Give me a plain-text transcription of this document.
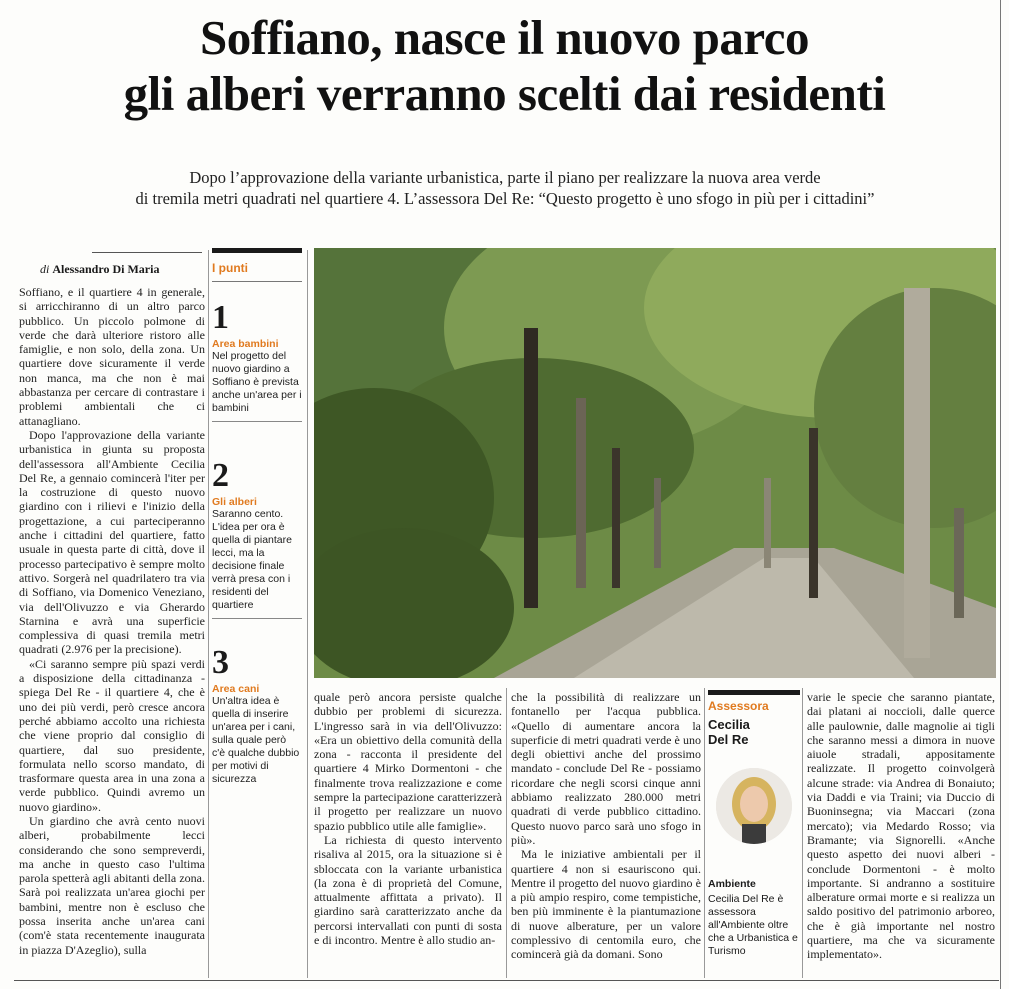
Soffiano, nasce il nuovo parco
gli alberi verranno scelti dai residenti
Dopo l’approvazione della variante urbanistica, parte il piano per realizzare la nuova area verde
di tremila metri quadrati nel quartiere 4. L’assessora Del Re: “Questo progetto è uno sfogo in più per i cittadini”
di Alessandro Di Maria

Soffiano, e il quartiere 4 in generale, si arricchiranno di un altro parco pubblico. Un piccolo polmone di verde che darà ulteriore ristoro alle famiglie, e non solo, della zona. Un quartiere dove sicuramente il verde non manca, ma che non è mai abbastanza per cercare di contrastare i problemi ambientali che ci attanagliano.

Dopo l'approvazione della variante urbanistica in giunta su proposta dell'assessora all'Ambiente Cecilia Del Re, a gennaio comincerà l'iter per la costruzione di questo nuovo giardino con i rilievi e l'inizio della progettazione, a cui parteciperanno anche i cittadini del quartiere, fatto usuale in questa parte di città, dove il processo partecipativo è sempre molto attivo. Sorgerà nel quadrilatero tra via di Soffiano, via Domenico Veneziano, via dell'Olivuzzo e via Gherardo Starnina e avrà una superficie complessiva di quasi tremila metri quadrati (2.976 per la precisione).

«Ci saranno sempre più spazi verdi a disposizione della cittadinanza - spiega Del Re - il quartiere 4, che è uno dei più verdi, però cresce ancora perché abbiamo accolto una richiesta che viene proprio dal consiglio di quartiere, dal suo presidente, formulata nello scorso mandato, di trasformare questa area in una zona a verde pubblico. Quindi avremo un nuovo giardino».

Un giardino che avrà cento nuovi alberi, probabilmente lecci considerando che sono sempreverdi, ma anche in questo caso l'ultima parola spetterà agli abitanti della zona. Sarà poi realizzata un'area giochi per bambini, mentre non è escluso che possa inserita anche un'area cani (com'è stata recentemente inaugurata in piazza D'Azeglio), sulla

I punti
1
Area bambini
Nel progetto del nuovo giardino a Soffiano è prevista anche un'area per i bambini
2
Gli alberi
Saranno cento. L'idea per ora è quella di piantare lecci, ma la decisione finale verrà presa con i residenti del quartiere
3
Area cani
Un'altra idea è quella di inserire un'area per i cani, sulla quale però c'è qualche dubbio per motivi di sicurezza

quale però ancora persiste qualche dubbio per problemi di sicurezza. L'ingresso sarà in via dell'Olivuzzo: «Era un obiettivo della comunità della zona - racconta il presidente del quartiere 4 Mirko Dormentoni - che finalmente trova realizzazione e come sempre la partecipazione caratterizzerà il progetto per realizzare un nuovo spazio pubblico utile alle famiglie».

La richiesta di questo intervento risaliva al 2015, ora la situazione si è sbloccata con la variante urbanistica (la zona è di proprietà del Comune, attualmente affittata a privato). Il giardino sarà caratterizzato anche da percorsi intervallati con punti di sosta e di incontro. Mentre è allo studio an-

che la possibilità di realizzare un fontanello per l'acqua pubblica. «Quello di aumentare ancora la superficie di metri quadrati verde è uno degli obiettivi anche del prossimo mandato - conclude Del Re - possiamo ricordare che negli scorsi cinque anni abbiamo realizzato 280.000 metri quadrati di verde pubblico cittadino. Questo nuovo parco sarà uno sfogo in più».

Ma le iniziative ambientali per il quartiere 4 non si esauriscono qui. Mentre il progetto del nuovo giardino è a più ampio respiro, come tempistiche, ben più imminente è la piantumazione di nuove alberature, per un valore complessivo di centomila euro, che comincerà già da domani. Sono

Assessora
Cecilia
Del Re
Ambiente
Cecilia Del Re è assessora all'Ambiente oltre che a Urbanistica e Turismo

varie le specie che saranno piantate, dai platani ai noccioli, dalle querce alle paulownie, dalle magnolie ai tigli che saranno messi a dimora in nuove aiuole stradali, appositamente realizzate. Il progetto coinvolgerà alcune strade: via Andrea di Bonaiuto; via Daddi e via Traini; via Duccio di Buoninsegna; via Maccari (zona mercato); via Medardo Rosso; via Bramante; via Signorelli. «Anche questo aspetto dei nuovi alberi - conclude Dormentoni - è molto importante. Si andranno a sostituire alberature ormai morte e si realizza un saldo positivo del patrimonio arboreo, che è già importante nel nostro quartiere, ma che va sicuramente implementato».
